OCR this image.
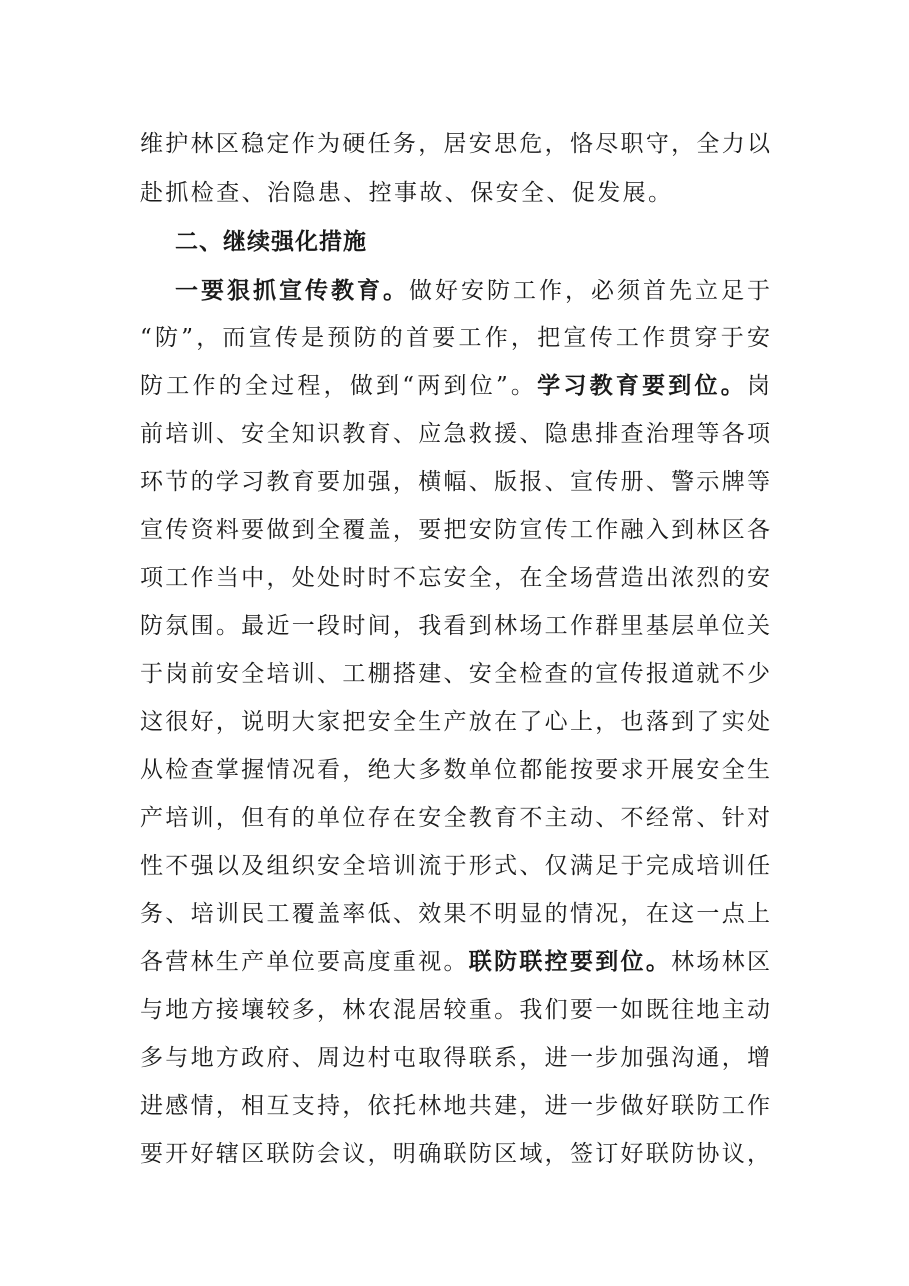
维护林区稳定作为硬任务，居安思危，恪尽职守，全力以
赴抓检查、治隐患、控事故、保安全、促发展。
二、继续强化措施
一要狠抓宣传教育。做好安防工作，必须首先立足于
“防”，而宣传是预防的首要工作，把宣传工作贯穿于安
防工作的全过程，做到“两到位”。学习教育要到位。岗
前培训、安全知识教育、应急救援、隐患排查治理等各项
环节的学习教育要加强，横幅、版报、宣传册、警示牌等
宣传资料要做到全覆盖，要把安防宣传工作融入到林区各
项工作当中，处处时时不忘安全，在全场营造出浓烈的安
防氛围。最近一段时间，我看到林场工作群里基层单位关
于岗前安全培训、工棚搭建、安全检查的宣传报道就不少
这很好，说明大家把安全生产放在了心上，也落到了实处
从检查掌握情况看，绝大多数单位都能按要求开展安全生
产培训，但有的单位存在安全教育不主动、不经常、针对
性不强以及组织安全培训流于形式、仅满足于完成培训任
务、培训民工覆盖率低、效果不明显的情况，在这一点上
各营林生产单位要高度重视。联防联控要到位。林场林区
与地方接壤较多，林农混居较重。我们要一如既往地主动
多与地方政府、周边村屯取得联系，进一步加强沟通，增
进感情，相互支持，依托林地共建，进一步做好联防工作
要开好辖区联防会议，明确联防区域，签订好联防协议，
